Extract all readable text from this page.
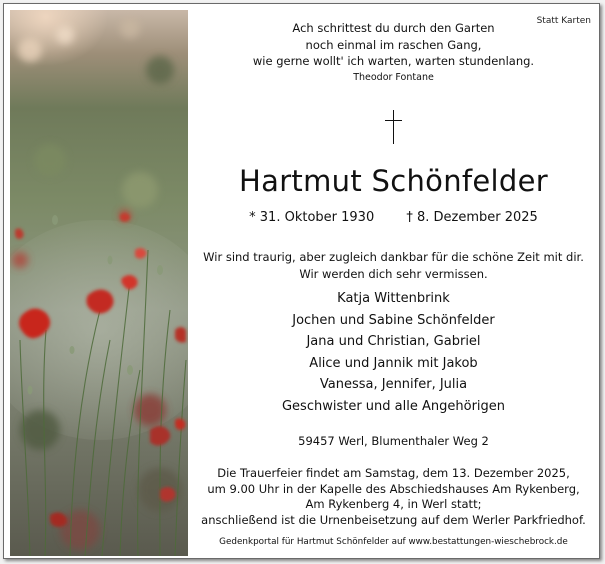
Statt Karten
Ach schrittest du durch den Garten
noch einmal im raschen Gang,
wie gerne wollt' ich warten, warten stundenlang.
Theodor Fontane
Hartmut Schönfelder
* 31. Oktober 1930 † 8. Dezember 2025
Wir sind traurig, aber zugleich dankbar für die schöne Zeit mit dir.
Wir werden dich sehr vermissen.
Katja Wittenbrink
Jochen und Sabine Schönfelder
Jana und Christian, Gabriel
Alice und Jannik mit Jakob
Vanessa, Jennifer, Julia
Geschwister und alle Angehörigen
59457 Werl, Blumenthaler Weg 2
Die Trauerfeier findet am Samstag, dem 13. Dezember 2025,
um 9.00 Uhr in der Kapelle des Abschiedshauses Am Rykenberg,
Am Rykenberg 4, in Werl statt;
anschließend ist die Urnenbeisetzung auf dem Werler Parkfriedhof.
Gedenkportal für Hartmut Schönfelder auf www.bestattungen-wieschebrock.de
